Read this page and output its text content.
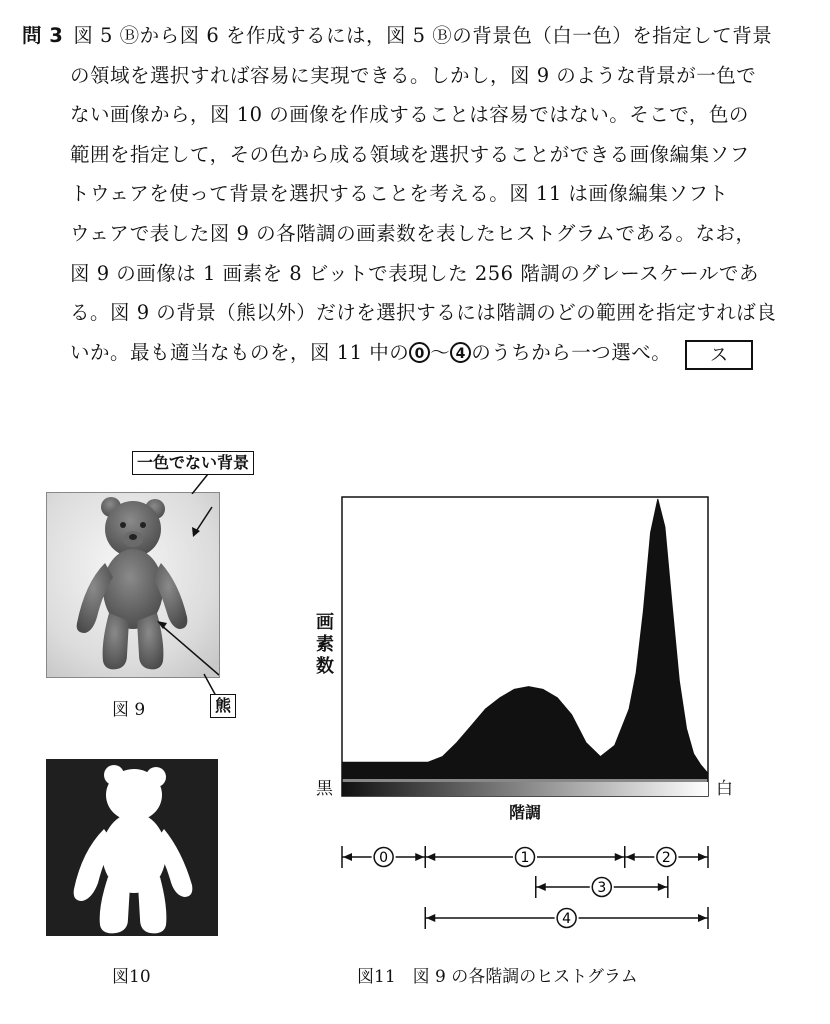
問 3 図 5 Ⓑから図 6 を作成するには，図 5 Ⓑの背景色（白一色）を指定して背景
の領域を選択すれば容易に実現できる。しかし，図 9 のような背景が一色で
ない画像から，図 10 の画像を作成することは容易ではない。そこで，色の
範囲を指定して，その色から成る領域を選択することができる画像編集ソフ
トウェアを使って背景を選択することを考える。図 11 は画像編集ソフト
ウェアで表した図 9 の各階調の画素数を表したヒストグラムである。なお，
図 9 の画像は 1 画素を 8 ビットで表現した 256 階調のグレースケールであ
る。図 9 の背景（熊以外）だけを選択するには階調のどの範囲を指定すれば良
いか。最も適当なものを，図 11 中の 0 ～ 4 のうちから一つ選べ。 ス
一色でない背景
熊
図 9
図10
画素数
黒	白
階調
0	1	2
3
4
図11　図 9 の各階調のヒストグラム
